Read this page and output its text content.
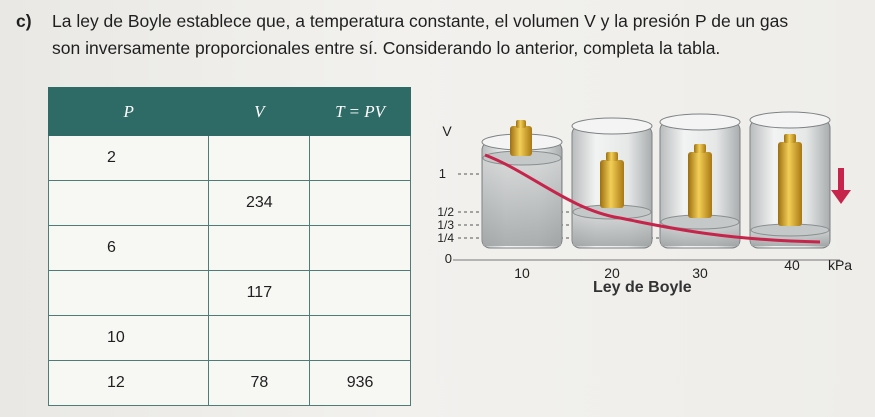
c)	La ley de Boyle establece que, a temperatura constante, el volumen V y la presión P de un gas
son inversamente proporcionales entre sí. Considerando lo anterior, completa la tabla.
P	V	T = PV
2		
	234	
6		
	117	
10		
12	78	936
V
1
1/2
1/3
1/4
0
10	20	30	40 kPa
Ley de Boyle
